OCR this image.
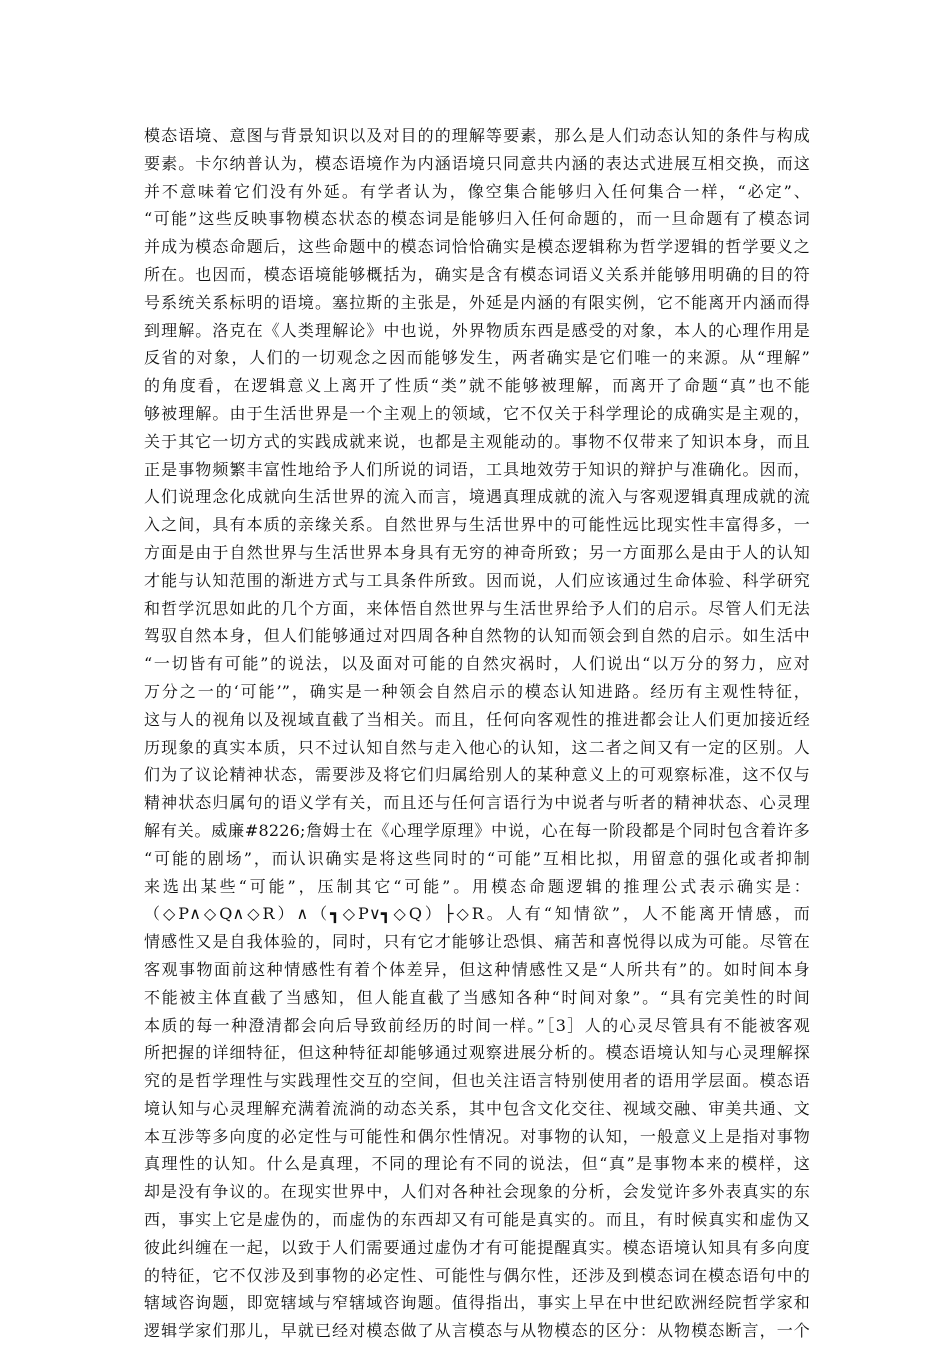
模态语境、意图与背景知识以及对目的的理解等要素，那么是人们动态认知的条件与构成
要素。卡尔纳普认为，模态语境作为内涵语境只同意共内涵的表达式进展互相交换，而这
并不意味着它们没有外延。有学者认为，像空集合能够归入任何集合一样，“必定”、
“可能”这些反映事物模态状态的模态词是能够归入任何命题的，而一旦命题有了模态词
并成为模态命题后，这些命题中的模态词恰恰确实是模态逻辑称为哲学逻辑的哲学要义之
所在。也因而，模态语境能够概括为，确实是含有模态词语义关系并能够用明确的目的符
号系统关系标明的语境。塞拉斯的主张是，外延是内涵的有限实例，它不能离开内涵而得
到理解。洛克在《人类理解论》中也说，外界物质东西是感受的对象，本人的心理作用是
反省的对象，人们的一切观念之因而能够发生，两者确实是它们唯一的来源。从“理解”
的角度看，在逻辑意义上离开了性质“类”就不能够被理解，而离开了命题“真”也不能
够被理解。由于生活世界是一个主观上的领域，它不仅关于科学理论的成确实是主观的，
关于其它一切方式的实践成就来说，也都是主观能动的。事物不仅带来了知识本身，而且
正是事物频繁丰富性地给予人们所说的词语，工具地效劳于知识的辩护与准确化。因而，
人们说理念化成就向生活世界的流入而言，境遇真理成就的流入与客观逻辑真理成就的流
入之间，具有本质的亲缘关系。自然世界与生活世界中的可能性远比现实性丰富得多，一
方面是由于自然世界与生活世界本身具有无穷的神奇所致；另一方面那么是由于人的认知
才能与认知范围的渐进方式与工具条件所致。因而说，人们应该通过生命体验、科学研究
和哲学沉思如此的几个方面，来体悟自然世界与生活世界给予人们的启示。尽管人们无法
驾驭自然本身，但人们能够通过对四周各种自然物的认知而领会到自然的启示。如生活中
“一切皆有可能”的说法，以及面对可能的自然灾祸时，人们说出“以万分的努力，应对
万分之一的‘可能’”，确实是一种领会自然启示的模态认知进路。经历有主观性特征，
这与人的视角以及视域直截了当相关。而且，任何向客观性的推进都会让人们更加接近经
历现象的真实本质，只不过认知自然与走入他心的认知，这二者之间又有一定的区别。人
们为了议论精神状态，需要涉及将它们归属给别人的某种意义上的可观察标准，这不仅与
精神状态归属句的语义学有关，而且还与任何言语行为中说者与听者的精神状态、心灵理
解有关。威廉#8226;詹姆士在《心理学原理》中说，心在每一阶段都是个同时包含着许多
“可能的剧场”，而认识确实是将这些同时的“可能”互相比拟，用留意的强化或者抑制
来选出某些“可能”，压制其它“可能”。用模态命题逻辑的推理公式表示确实是：
（◇P∧◇Q∧◇R）∧（┓◇P∨┓◇Q）├◇R。人有“知情欲”，人不能离开情感，而
情感性又是自我体验的，同时，只有它才能够让恐惧、痛苦和喜悦得以成为可能。尽管在
客观事物面前这种情感性有着个体差异，但这种情感性又是“人所共有”的。如时间本身
不能被主体直截了当感知，但人能直截了当感知各种“时间对象”。“具有完美性的时间
本质的每一种澄清都会向后导致前经历的时间一样。”［3］人的心灵尽管具有不能被客观
所把握的详细特征，但这种特征却能够通过观察进展分析的。模态语境认知与心灵理解探
究的是哲学理性与实践理性交互的空间，但也关注语言特别使用者的语用学层面。模态语
境认知与心灵理解充满着流淌的动态关系，其中包含文化交往、视域交融、审美共通、文
本互涉等多向度的必定性与可能性和偶尔性情况。对事物的认知，一般意义上是指对事物
真理性的认知。什么是真理，不同的理论有不同的说法，但“真”是事物本来的模样，这
却是没有争议的。在现实世界中，人们对各种社会现象的分析，会发觉许多外表真实的东
西，事实上它是虚伪的，而虚伪的东西却又有可能是真实的。而且，有时候真实和虚伪又
彼此纠缠在一起，以致于人们需要通过虚伪才有可能提醒真实。模态语境认知具有多向度
的特征，它不仅涉及到事物的必定性、可能性与偶尔性，还涉及到模态词在模态语句中的
辖域咨询题，即宽辖域与窄辖域咨询题。值得指出，事实上早在中世纪欧洲经院哲学家和
逻辑学家们那儿，早就已经对模态做了从言模态与从物模态的区分：从物模态断言，一个
